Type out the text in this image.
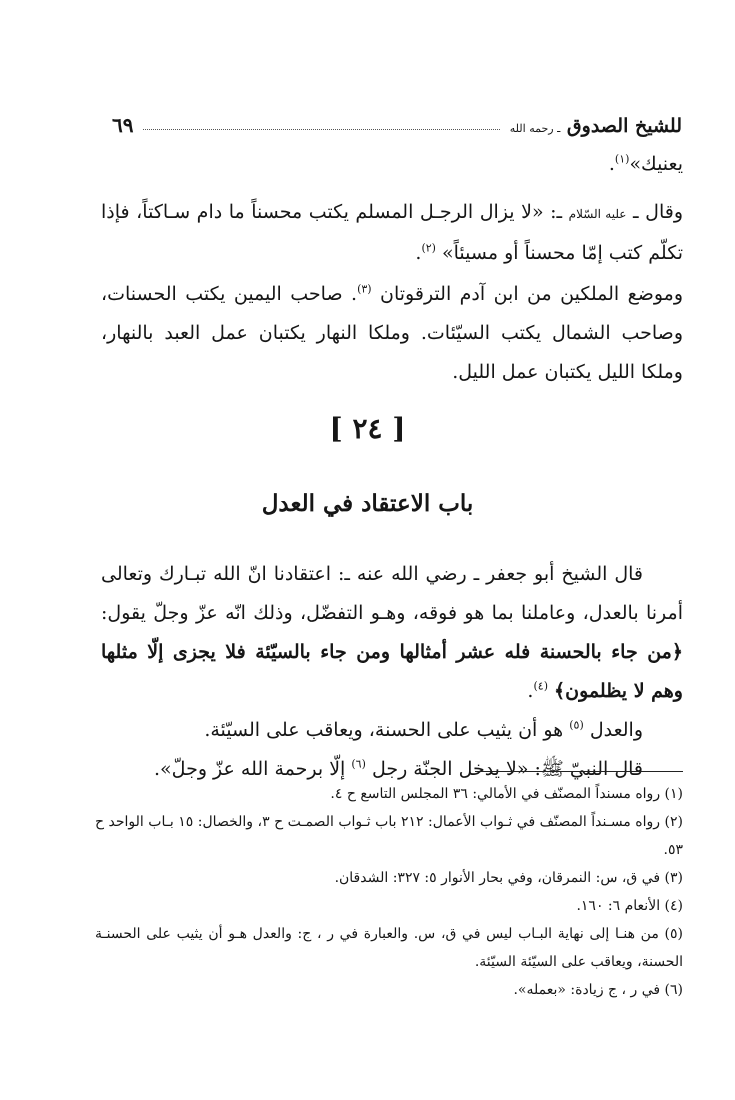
للشيخ الصدوق ـ رحمه الله
٦٩

يعنيك»$^{(١)}$.

وقال ـ عليه السّلام ـ: «لا يزال الرجـل المسلم يكتب محسناً ما دام سـاكتاً، فإذا تكلّم كتب إمّا محسناً أو مسيئاً» $^{(٢)}$.

وموضع الملكين من ابن آدم الترقوتان $^{(٣)}$. صاحب اليمين يكتب الحسنات، وصاحب الشمال يكتب السيّئات. وملكا النهار يكتبان عمل العبد بالنهار، وملكا الليل يكتبان عمل الليل.

[ ٢٤ ]
باب الاعتقاد في العدل

قال الشيخ أبو جعفر ـ رضي الله عنه ـ: اعتقادنا انّ الله تبـارك وتعالى أمرنا بالعدل، وعاملنا بما هو فوقه، وهـو التفضّل، وذلك انّه عزّ وجلّ يقول: ﴿من جاء بالحسنة فله عشر أمثالها ومن جاء بالسيّئة فلا يجزى إلّا مثلها وهم لا يظلمون﴾ $^{(٤)}$.

والعدل $^{(٥)}$ هو أن يثيب على الحسنة، ويعاقب على السيّئة.

قال النبيّ ﷺ: «لا يدخل الجنّة رجل $^{(٦)}$ إلّا برحمة الله عزّ وجلّ».

(١) رواه مسنداً المصنّف في الأمالي: ٣٦ المجلس التاسع ح ٤.

(٢) رواه مسـنداً المصنّف في ثـواب الأعمال: ٢١٢ باب ثـواب الصمـت ح ٣، والخصال: ١٥ بـاب الواحد ح ٥٣.

(٣) في ق، س: النمرقان، وفي بحار الأنوار ٥: ٣٢٧: الشدقان.

(٤) الأنعام ٦: ١٦٠.

(٥) من هنـا إلى نهاية البـاب ليس في ق، س. والعبارة في ر ، ج: والعدل هـو أن يثيب على الحسنـة الحسنة، ويعاقب على السيّئة السيّئة.

(٦) في ر ، ج زيادة: «بعمله».
